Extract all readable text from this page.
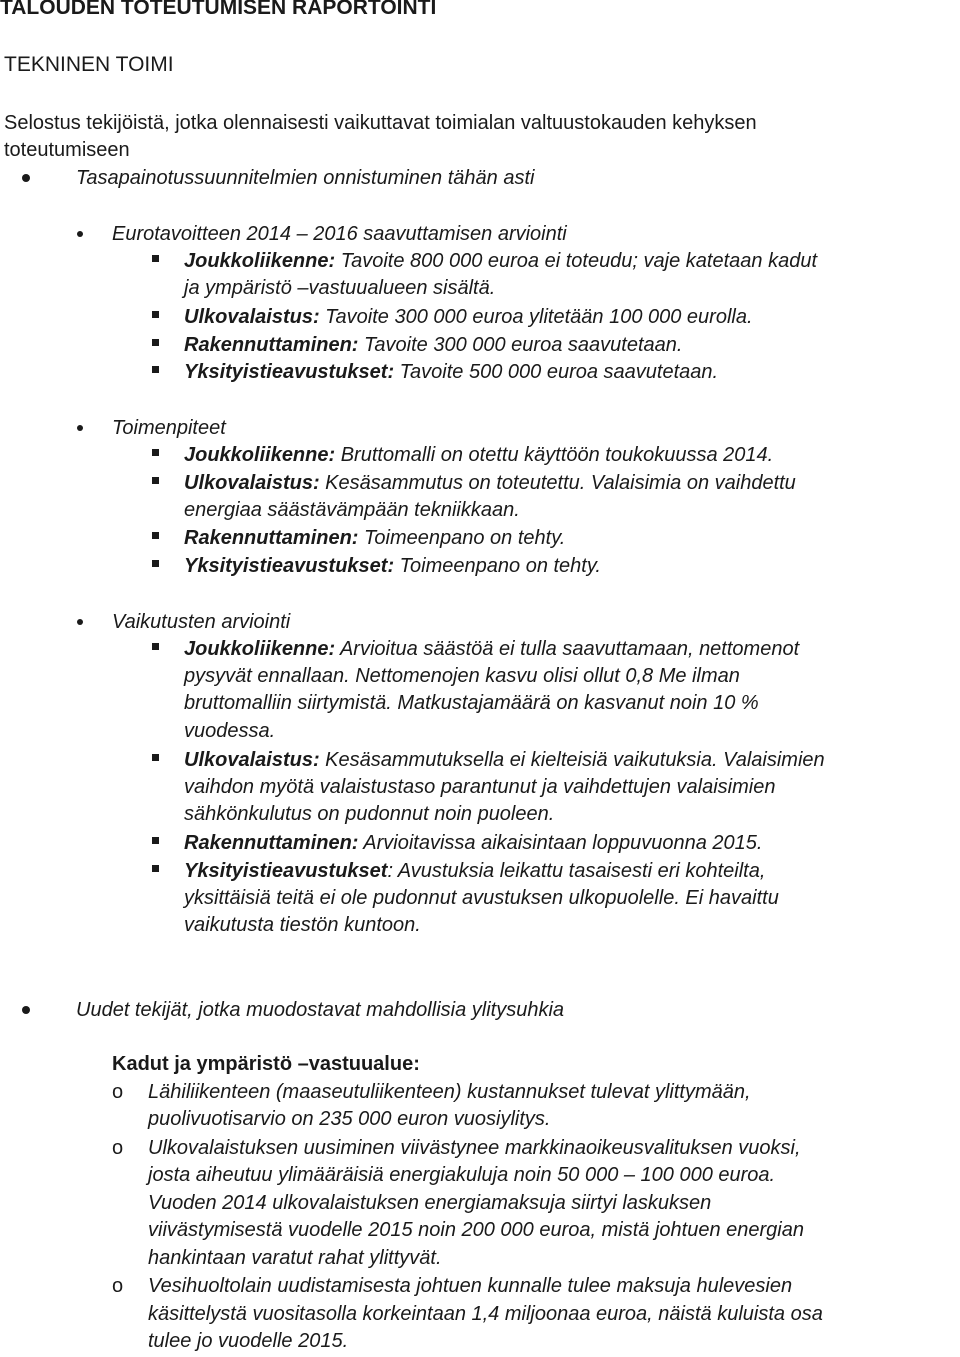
TALOUDEN TOTEUTUMISEN RAPORTOINTI
TEKNINEN TOIMI
Selostus tekijöistä, jotka olennaisesti vaikuttavat toimialan valtuustokauden kehyksen
toteutumiseen
Tasapainotussuunnitelmien onnistuminen tähän asti
Eurotavoitteen 2014 – 2016 saavuttamisen arviointi
Joukkoliikenne: Tavoite 800 000 euroa ei toteudu; vaje katetaan kadut
ja ympäristö –vastuualueen sisältä.
Ulkovalaistus: Tavoite 300 000 euroa ylitetään 100 000 eurolla.
Rakennuttaminen: Tavoite 300 000 euroa saavutetaan.
Yksityistieavustukset: Tavoite 500 000 euroa saavutetaan.
Toimenpiteet
Joukkoliikenne: Bruttomalli on otettu käyttöön toukokuussa 2014.
Ulkovalaistus: Kesäsammutus on toteutettu. Valaisimia on vaihdettu
energiaa säästävämpään tekniikkaan.
Rakennuttaminen: Toimeenpano on tehty.
Yksityistieavustukset: Toimeenpano on tehty.
Vaikutusten arviointi
Joukkoliikenne: Arvioitua säästöä ei tulla saavuttamaan, nettomenot
pysyvät ennallaan. Nettomenojen kasvu olisi ollut 0,8 Me ilman
bruttomalliin siirtymistä. Matkustajamäärä on kasvanut noin 10 %
vuodessa.
Ulkovalaistus: Kesäsammutuksella ei kielteisiä vaikutuksia. Valaisimien
vaihdon myötä valaistustaso parantunut ja vaihdettujen valaisimien
sähkönkulutus on pudonnut noin puoleen.
Rakennuttaminen: Arvioitavissa aikaisintaan loppuvuonna 2015.
Yksityistieavustukset: Avustuksia leikattu tasaisesti eri kohteilta,
yksittäisiä teitä ei ole pudonnut avustuksen ulkopuolelle. Ei havaittu
vaikutusta tiestön kuntoon.
Uudet tekijät, jotka muodostavat mahdollisia ylitysuhkia
Kadut ja ympäristö –vastuualue:
o Lähiliikenteen (maaseutuliikenteen) kustannukset tulevat ylittymään,
puolivuotisarvio on 235 000 euron vuosiylitys.
o Ulkovalaistuksen uusiminen viivästynee markkinaoikeusvalituksen vuoksi,
josta aiheutuu ylimääräisiä energiakuluja noin 50 000 – 100 000 euroa.
Vuoden 2014 ulkovalaistuksen energiamaksuja siirtyi laskuksen
viivästymisestä vuodelle 2015 noin 200 000 euroa, mistä johtuen energian
hankintaan varatut rahat ylittyvät.
o Vesihuoltolain uudistamisesta johtuen kunnalle tulee maksuja hulevesien
käsittelystä vuositasolla korkeintaan 1,4 miljoonaa euroa, näistä kuluista osa
tulee jo vuodelle 2015.
